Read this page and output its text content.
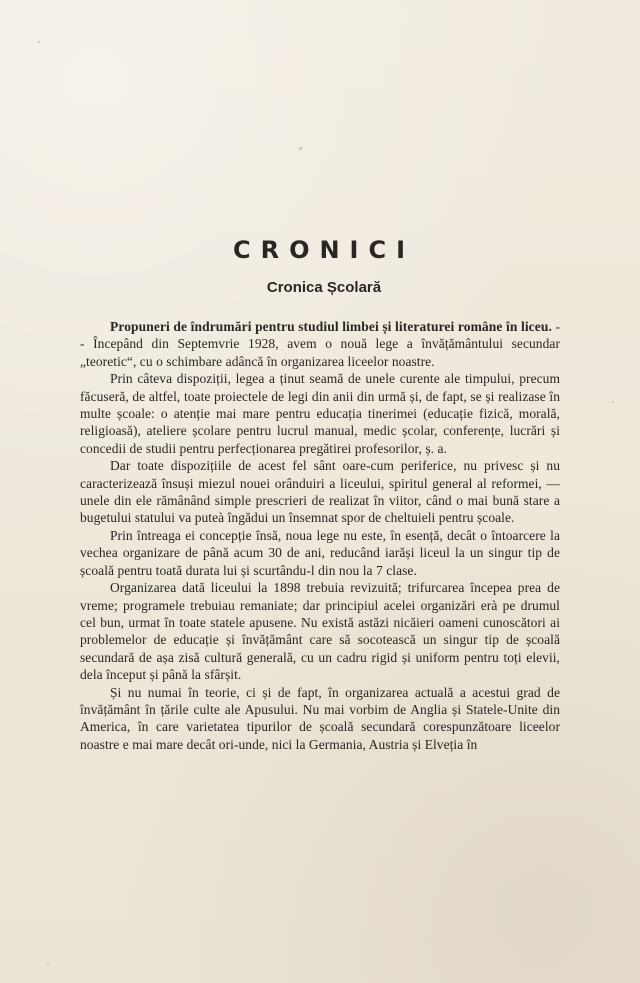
CRONICI
Cronica Școlară

Propuneri de îndrumări pentru studiul limbei și literaturei române în liceu. -- Începând din Septemvrie 1928, avem o nouă lege a învățământului secundar „teoretic“, cu o schimbare adâncă în organizarea liceelor noastre.

Prin câteva dispoziții, legea a ținut seamă de unele curente ale timpului, precum făcuseră, de altfel, toate proiectele de legi din anii din urmă și, de fapt, se și realizase în multe școale: o atenție mai mare pentru educația tinerimei (educație fizică, morală, religioasă), ateliere școlare pentru lucrul manual, medic școlar, conferențe, lucrări și concedii de studii pentru perfecționarea pregătirei profesorilor, ș. a.

Dar toate dispozițiile de acest fel sânt oare-cum periferice, nu privesc și nu caracterizează însuși miezul nouei orânduiri a liceului, spiritul general al reformei, — unele din ele rămânând simple prescrieri de realizat în viitor, când o mai bună stare a bugetului statului va puteà îngădui un însemnat spor de cheltuieli pentru școale.

Prin întreaga ei concepție însă, noua lege nu este, în esență, decât o întoarcere la vechea organizare de până acum 30 de ani, reducând iarăși liceul la un singur tip de școală pentru toată durata lui și scurtându-l din nou la 7 clase.

Organizarea dată liceului la 1898 trebuia revizuită; trifurcarea începea prea de vreme; programele trebuiau remaniate; dar principiul acelei organizări erà pe drumul cel bun, urmat în toate statele apusene. Nu există astăzi nicăieri oameni cunoscători ai problemelor de educație și învățământ care să socotească un singur tip de școală secundară de așa zisă cultură generală, cu un cadru rigid și uniform pentru toți elevii, dela început și până la sfârșit.

Și nu numai în teorie, ci și de fapt, în organizarea actuală a acestui grad de învățământ în țările culte ale Apusului. Nu mai vorbim de Anglia și Statele-Unite din America, în care varietatea tipurilor de școală secundară corespunzătoare liceelor noastre e mai mare decât ori-unde, nici la Germania, Austria și Elveția în
